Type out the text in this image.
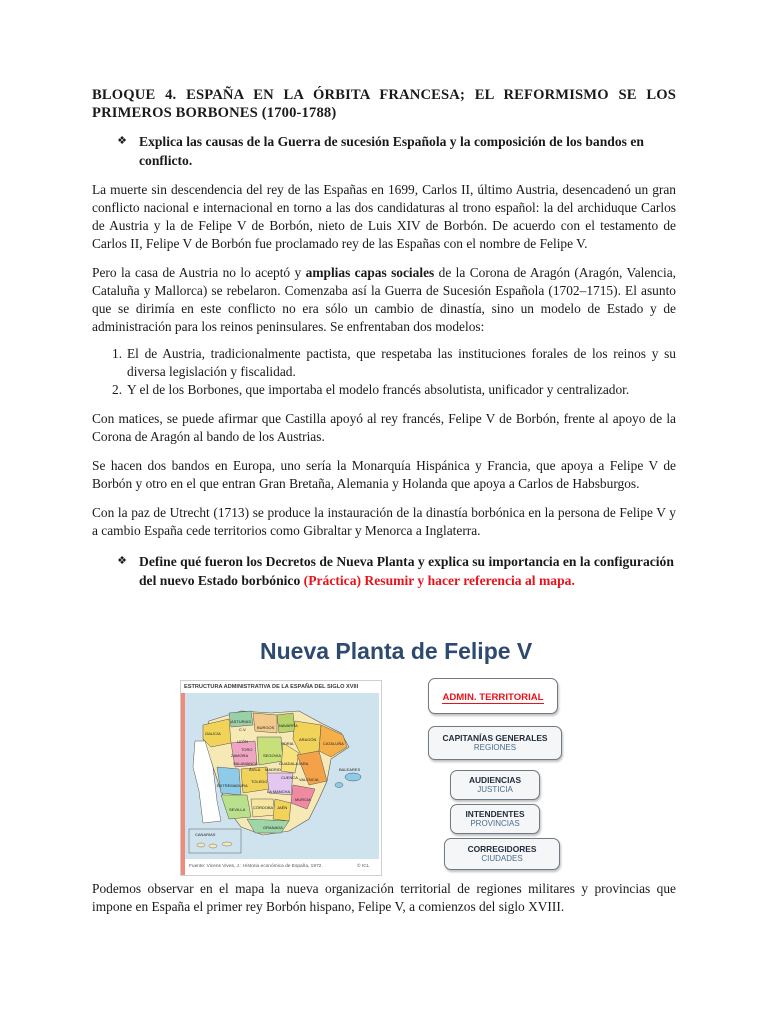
BLOQUE 4. ESPAÑA EN LA ÓRBITA FRANCESA; EL REFORMISMO SE LOS PRIMEROS BORBONES (1700-1788)
❖ Explica las causas de la Guerra de sucesión Española y la composición de los bandos en conflicto.

La muerte sin descendencia del rey de las Españas en 1699, Carlos II, último Austria, desencadenó un gran conflicto nacional e internacional en torno a las dos candidaturas al trono español: la del archiduque Carlos de Austria y la de Felipe V de Borbón, nieto de Luis XIV de Borbón. De acuerdo con el testamento de Carlos II, Felipe V de Borbón fue proclamado rey de las Españas con el nombre de Felipe V.

Pero la casa de Austria no lo aceptó y amplias capas sociales de la Corona de Aragón (Aragón, Valencia, Cataluña y Mallorca) se rebelaron. Comenzaba así la Guerra de Sucesión Española (1702–1715). El asunto que se dirimía en este conflicto no era sólo un cambio de dinastía, sino un modelo de Estado y de administración para los reinos peninsulares. Se enfrentaban dos modelos:

1. El de Austria, tradicionalmente pactista, que respetaba las instituciones forales de los reinos y su diversa legislación y fiscalidad.
2. Y el de los Borbones, que importaba el modelo francés absolutista, unificador y centralizador.

Con matices, se puede afirmar que Castilla apoyó al rey francés, Felipe V de Borbón, frente al apoyo de la Corona de Aragón al bando de los Austrias.

Se hacen dos bandos en Europa, uno sería la Monarquía Hispánica y Francia, que apoya a Felipe V de Borbón y otro en el que entran Gran Bretaña, Alemania y Holanda que apoya a Carlos de Habsburgos.

Con la paz de Utrecht (1713) se produce la instauración de la dinastía borbónica en la persona de Felipe V y a cambio España cede territorios como Gibraltar y Menorca a Inglaterra.

❖ Define qué fueron los Decretos de Nueva Planta y explica su importancia en la configuración del nuevo Estado borbónico (Práctica) Resumir y hacer referencia al mapa.
Nueva Planta de Felipe V
ESTRUCTURA ADMINISTRATIVA DE LA ESPAÑA DEL SIGLO XVIII
ASTURIAS
GALICIA
C.V.	BURGOS NAVARRA
ARAGÓN
CATALUÑA
SORIA
TORO
SEGOVIA
LEÓN
ZAMORA
SALAMANCA
ÁVILA MADRID
GUADALAJARA
CUENCA VALENCIA
TOLEDO
EXTREMADURA
LA MANCHA
MURCIA
CÓRDOBA JAÉN
SEVILLA
GRANADA
BALEARES
CANARIAS
Fuente: Vicens Vives, J.: Historia económica de España, 1972.	© ICL
ADMIN. TERRITORIAL
CAPITANÍAS GENERALES
REGIONES
AUDIENCIAS
JUSTICIA
INTENDENTES
PROVINCIAS
CORREGIDORES
CIUDADES

Podemos observar en el mapa la nueva organización territorial de regiones militares y provincias que impone en España el primer rey Borbón hispano, Felipe V, a comienzos del siglo XVIII.
